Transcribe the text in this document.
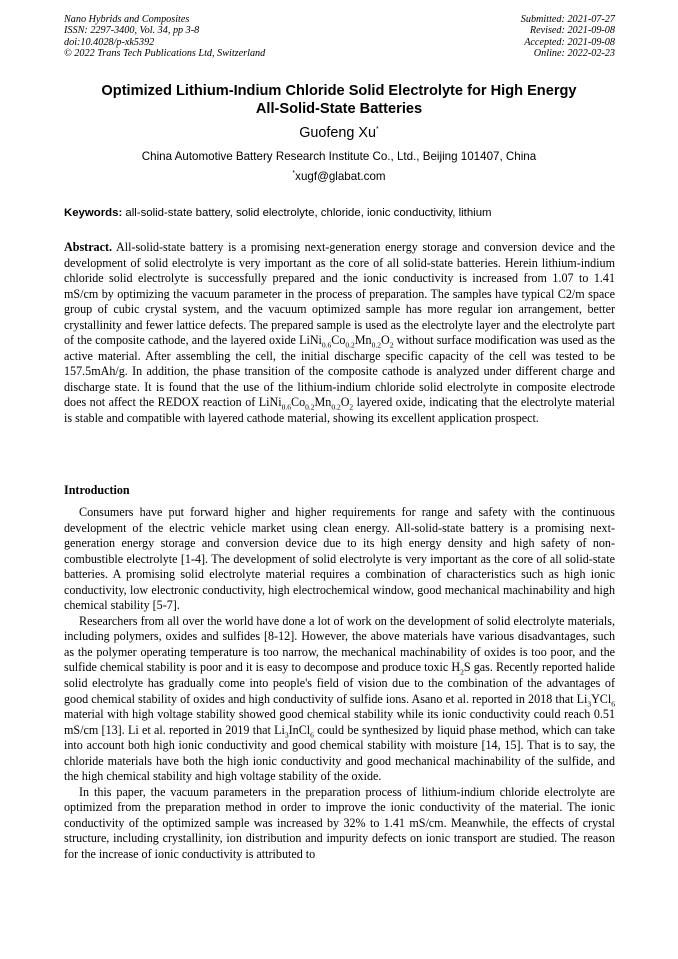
Nano Hybrids and Composites
ISSN: 2297-3400, Vol. 34, pp 3-8
doi:10.4028/p-xk5392
© 2022 Trans Tech Publications Ltd, Switzerland
Submitted: 2021-07-27
Revised: 2021-09-08
Accepted: 2021-09-08
Online: 2022-02-23
Optimized Lithium-Indium Chloride Solid Electrolyte for High Energy
All-Solid-State Batteries
Guofeng Xu*
China Automotive Battery Research Institute Co., Ltd., Beijing 101407, China
*xugf@glabat.com
Keywords: all-solid-state battery, solid electrolyte, chloride, ionic conductivity, lithium

Abstract. All-solid-state battery is a promising next-generation energy storage and conversion device and the development of solid electrolyte is very important as the core of all solid-state batteries. Herein lithium-indium chloride solid electrolyte is successfully prepared and the ionic conductivity is increased from 1.07 to 1.41 mS/cm by optimizing the vacuum parameter in the process of preparation. The samples have typical C2/m space group of cubic crystal system, and the vacuum optimized sample has more regular ion arrangement, better crystallinity and fewer lattice defects. The prepared sample is used as the electrolyte layer and the electrolyte part of the composite cathode, and the layered oxide $LiNi_{0.6}Co_{0.2}Mn_{0.2}O_2$ without surface modification was used as the active material. After assembling the cell, the initial discharge specific capacity of the cell was tested to be 157.5mAh/g. In addition, the phase transition of the composite cathode is analyzed under different charge and discharge state. It is found that the use of the lithium-indium chloride solid electrolyte in composite electrode does not affect the REDOX reaction of $LiNi_{0.6}Co_{0.2}Mn_{0.2}O_2$ layered oxide, indicating that the electrolyte material is stable and compatible with layered cathode material, showing its excellent application prospect.

Introduction

Consumers have put forward higher and higher requirements for range and safety with the continuous development of the electric vehicle market using clean energy. All-solid-state battery is a promising next-generation energy storage and conversion device due to its high energy density and high safety of non-combustible electrolyte [1-4]. The development of solid electrolyte is very important as the core of all solid-state batteries. A promising solid electrolyte material requires a combination of characteristics such as high ionic conductivity, low electronic conductivity, high electrochemical window, good mechanical machinability and high chemical stability [5-7].

Researchers from all over the world have done a lot of work on the development of solid electrolyte materials, including polymers, oxides and sulfides [8-12]. However, the above materials have various disadvantages, such as the polymer operating temperature is too narrow, the mechanical machinability of oxides is too poor, and the sulfide chemical stability is poor and it is easy to decompose and produce toxic $H_2S$ gas. Recently reported halide solid electrolyte has gradually come into people's field of vision due to the combination of the advantages of good chemical stability of oxides and high conductivity of sulfide ions. Asano et al. reported in 2018 that $Li_3YCl_6$ material with high voltage stability showed good chemical stability while its ionic conductivity could reach 0.51 mS/cm [13]. Li et al. reported in 2019 that $Li_3InCl_6$ could be synthesized by liquid phase method, which can take into account both high ionic conductivity and good chemical stability with moisture [14, 15]. That is to say, the chloride materials have both the high ionic conductivity and good mechanical machinability of the sulfide, and the high chemical stability and high voltage stability of the oxide.

In this paper, the vacuum parameters in the preparation process of lithium-indium chloride electrolyte are optimized from the preparation method in order to improve the ionic conductivity of the material. The ionic conductivity of the optimized sample was increased by 32% to 1.41 mS/cm. Meanwhile, the effects of crystal structure, including crystallinity, ion distribution and impurity defects on ionic transport are studied. The reason for the increase of ionic conductivity is attributed to
